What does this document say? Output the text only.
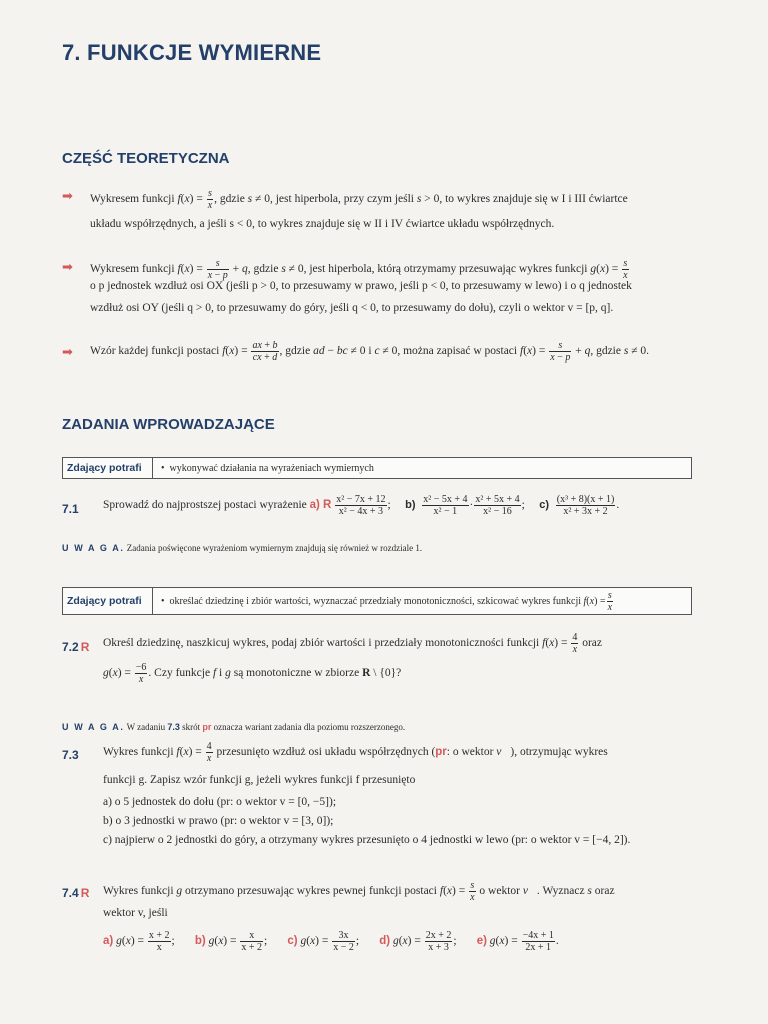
7. FUNKCJE WYMIERNE
CZĘŚĆ TEORETYCZNA
➡ Wykresem funkcji $f(x) = \frac{s}{x}$ , gdzie s ≠ 0, jest hiperbola, przy czym jeśli s > 0, to wykres znajduje się w I i III ćwiartce
układu współrzędnych, a jeśli s < 0, to wykres znajduje się w II i IV ćwiartce układu współrzędnych.
➡ Wykresem funkcji $f(x) = \frac{s}{x - p} + q$, gdzie s ≠ 0, jest hiperbola, którą otrzymamy przesuwając wykres funkcji $g(x) = \frac{s}{x}$
o p jednostek wzdłuż osi OX (jeśli p > 0, to przesuwamy w prawo, jeśli p < 0, to przesuwamy w lewo) i o q jednostek
wzdłuż osi OY (jeśli q > 0, to przesuwamy do góry, jeśli q < 0, to przesuwamy do dołu), czyli o wektor v = [p, q].
➡ Wzór każdej funkcji postaci $f(x) = \frac{ax + b}{cx + d}$ , gdzie ad − bc ≠ 0 i c ≠ 0, można zapisać w postaci $f(x) = \frac{s}{x - p} + q$, gdzie s ≠ 0.
ZADANIA WPROWADZAJĄCE
Zdający potrafi	•
wykonywać działania na wyrażeniach wymiernych
7.1 Sprowadź do najprostszej postaci wyrażenie a) R $\frac{\text{x² − 7x + 12}}{\text{x² − 4x + 3}}$ ;     $b) \frac{\text{x² − 5x + 4}}{\text{x² − 1}} \cdot \frac{\text{x² + 5x + 4}}{\text{x² − 16}}$ ;     $c) \frac{\text{(x³ + 8)(x + 1)}}{\text{x² + 3x + 2}}$ .
U W A G A. Zadania poświęcone wyrażeniom wymiernym znajdują się również w rozdziale 1.
Zdający potrafi	• określać dziedzinę i zbiór wartości, wyznaczać przedziały monotoniczności, szkicować wykres funkcji f ( x ) =
s
x
7.2 R Określ dziedzinę, naszkicuj wykres, podaj zbiór wartości i przedziały monotoniczności funkcji $f(x) = \frac{4}{x}$ oraz
$g(x) = \frac{-6}{x}$ . Czy funkcje f i g są monotoniczne w zbiorze R \ {0}?
U W A G A. W zadaniu 7.3 skrót pr oznacza wariant zadania dla poziomu rozszerzonego.
7.3 Wykres funkcji $f(x) = \frac{4}{x}$ przesunięto wzdłuż osi układu współrzędnych (pr: o wektor v⃗), otrzymując wykres
funkcji g. Zapisz wzór funkcji g, jeżeli wykres funkcji f przesunięto
a) o 5 jednostek do dołu (pr: o wektor v = [0, −5]);
b) o 3 jednostki w prawo (pr: o wektor v = [3, 0]);
c) najpierw o 2 jednostki do góry, a otrzymany wykres przesunięto o 4 jednostki w lewo (pr: o wektor v = [−4, 2]).
7.4 R Wykres funkcji g otrzymano przesuwając wykres pewnej funkcji postaci $f(x) = \frac{s}{x}$ o wektor v⃗. Wyznacz s oraz
wektor v, jeśli
a) $g(x) = \frac{x + 2}{x}$ ;       b) $g(x) = \frac{x}{x + 2}$ ;       c) $g(x) = \frac{3x}{x - 2}$ ;       d) $g(x) = \frac{2x + 2}{x + 3}$ ;       e) $g(x) = \frac{-4x + 1}{2x + 1}$ .
